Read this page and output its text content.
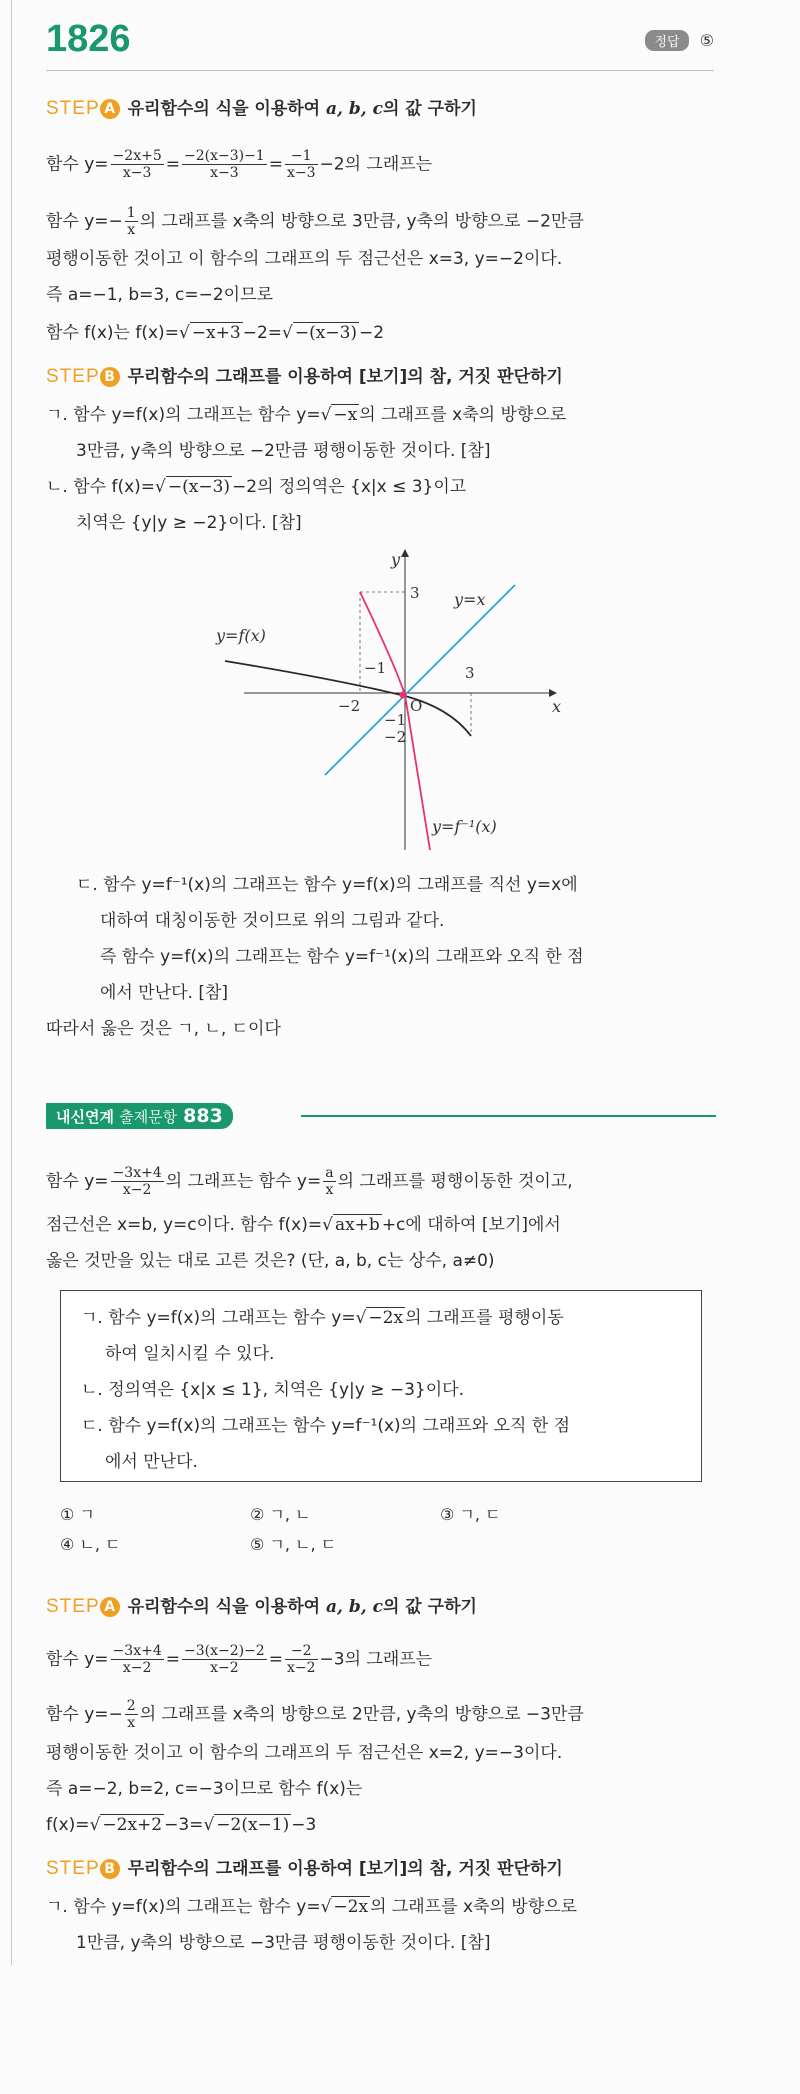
1826	정답 ⑤
STEP A 유리함수의 식을 이용하여 a, b, c의 값 구하기
함수 $y= \frac{-2x+5}{x-3} = \frac{-2(x-3)-1}{x-3} = \frac{-1}{x-3} -2$의 그래프는
함수 $y=- \frac{1}{x}$ 의 그래프를 x축의 방향으로 3만큼, y축의 방향으로 −2만큼
평행이동한 것이고 이 함수의 그래프의 두 점근선은 x=3, y=−2이다.
즉 a=−1, b=3, c=−2이므로
함수 f(x)는 f(x)=√ −x+3 −2=√ −(x−3) −2
STEP B 무리함수의 그래프를 이용하여 [보기]의 참, 거짓 판단하기
ㄱ. 함수 y=f(x)의 그래프는 함수 y=√ −x 의 그래프를 x축의 방향으로
3만큼, y축의 방향으로 −2만큼 평행이동한 것이다. [참]
ㄴ. 함수 f(x)=√ −(x−3) −2의 정의역은 {x|x ≤ 3}이고
치역은 {y|y ≥ −2}이다. [참]
y
x
O
y=f(x)
y=x
y=f⁻¹(x)
3
−1	3
−2
−1
−2
ㄷ. 함수 y=f⁻¹(x)의 그래프는 함수 y=f(x)의 그래프를 직선 y=x에
대하여 대칭이동한 것이므로 위의 그림과 같다.
즉 함수 y=f(x)의 그래프는 함수 y=f⁻¹(x)의 그래프와 오직 한 점
에서 만난다. [참]
따라서 옳은 것은 ㄱ, ㄴ, ㄷ이다
내신연계 출제문항 883
함수 $y= \frac{-3x+4}{x-2}$ 의 그래프는 함수 $y= \frac{a}{x}$ 의 그래프를 평행이동한 것이고,
점근선은 x=b, y=c이다. 함수 f(x)=√ ax+b +c에 대하여 [보기]에서
옳은 것만을 있는 대로 고른 것은? (단, a, b, c는 상수, a≠0)
ㄱ. 함수 y=f(x)의 그래프는 함수 y=√ −2x 의 그래프를 평행이동
하여 일치시킬 수 있다.
ㄴ. 정의역은 {x|x ≤ 1}, 치역은 {y|y ≥ −3}이다.
ㄷ. 함수 y=f(x)의 그래프는 함수 y=f⁻¹(x)의 그래프와 오직 한 점
에서 만난다.
① ㄱ	② ㄱ, ㄴ	③ ㄱ, ㄷ
④ ㄴ, ㄷ	⑤ ㄱ, ㄴ, ㄷ
STEP A 유리함수의 식을 이용하여 a, b, c의 값 구하기
함수 $y= \frac{-3x+4}{x-2} = \frac{-3(x-2)-2}{x-2} = \frac{-2}{x-2} -3$의 그래프는
함수 $y=- \frac{2}{x}$ 의 그래프를 x축의 방향으로 2만큼, y축의 방향으로 −3만큼
평행이동한 것이고 이 함수의 그래프의 두 점근선은 x=2, y=−3이다.
즉 a=−2, b=2, c=−3이므로 함수 f(x)는
f(x)=√ −2x+2 −3=√ −2(x−1) −3
STEP B 무리함수의 그래프를 이용하여 [보기]의 참, 거짓 판단하기
ㄱ. 함수 y=f(x)의 그래프는 함수 y=√ −2x 의 그래프를 x축의 방향으로
1만큼, y축의 방향으로 −3만큼 평행이동한 것이다. [참]
